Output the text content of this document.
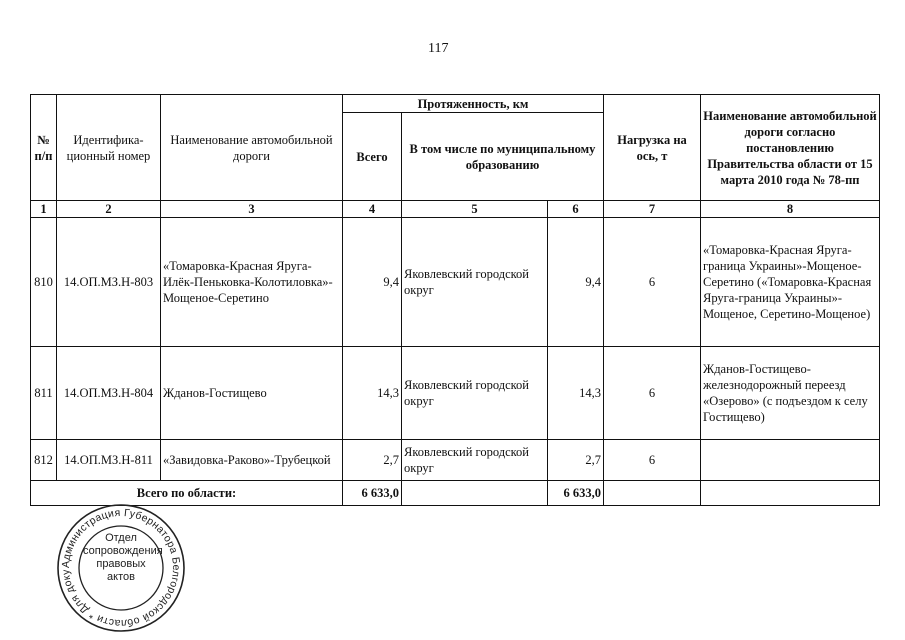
117
№ п/п	Идентифика-ционный номер	Наименование автомобильной дороги	Протяженность, км			Нагрузка на ось, т	Наименование автомобильной дороги согласно постановлению Правительства области от 15 марта 2010 года № 78-пп
			Всего	В том числе по муниципальному образованию			
1	2	3	4	5	6	7	8
810	14.ОП.МЗ.Н-803	«Томаровка-Красная Яруга-Илёк-Пеньковка-Колотиловка»-Мощеное-Серетино	9,4	Яковлевский городской округ	9,4	6	«Томаровка-Красная Яруга-граница Украины»-Мощеное-Серетино («Томаровка-Красная Яруга-граница Украины»-Мощеное, Серетино-Мощеное)
811	14.ОП.МЗ.Н-804	Жданов-Гостищево	14,3	Яковлевский городской округ	14,3	6	Жданов-Гостищево-железнодорожный переезд «Озерово» (с подъездом к селу Гостищево)
812	14.ОП.МЗ.Н-811	«Завидовка-Раково»-Трубецкой	2,7	Яковлевский городской округ	2,7	6	
Всего по области:			6 633,0		6 633,0		
Администрация Губернатора Белгородской области * Для доку
Отдел сопровождения правовых актов
